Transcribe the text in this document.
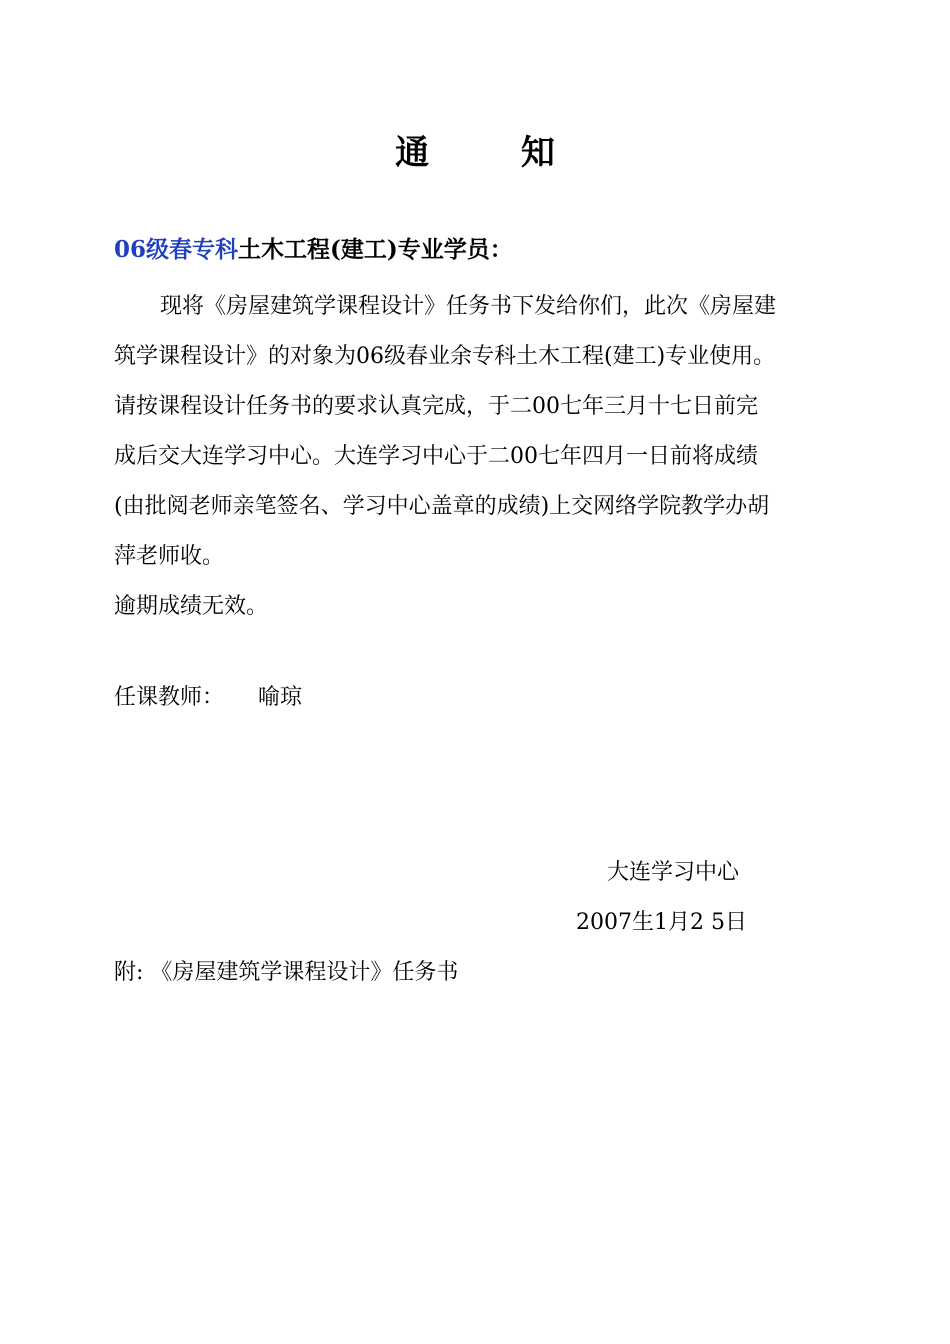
通 知
06级春专科土木工程(建工)专业学员：
现将《房屋建筑学课程设计》任务书下发给你们，此次《房屋建
筑学课程设计》的对象为06级春业余专科土木工程(建工)专业使用。
请按课程设计任务书的要求认真完成，于二00七年三月十七日前完
成后交大连学习中心。大连学习中心于二00七年四月一日前将成绩
(由批阅老师亲笔签名、学习中心盖章的成绩)上交网络学院教学办胡
萍老师收。
逾期成绩无效。
任课教师： 喻琼
大连学习中心
2007生1月2 5日
附: 《房屋建筑学课程设计》任务书
